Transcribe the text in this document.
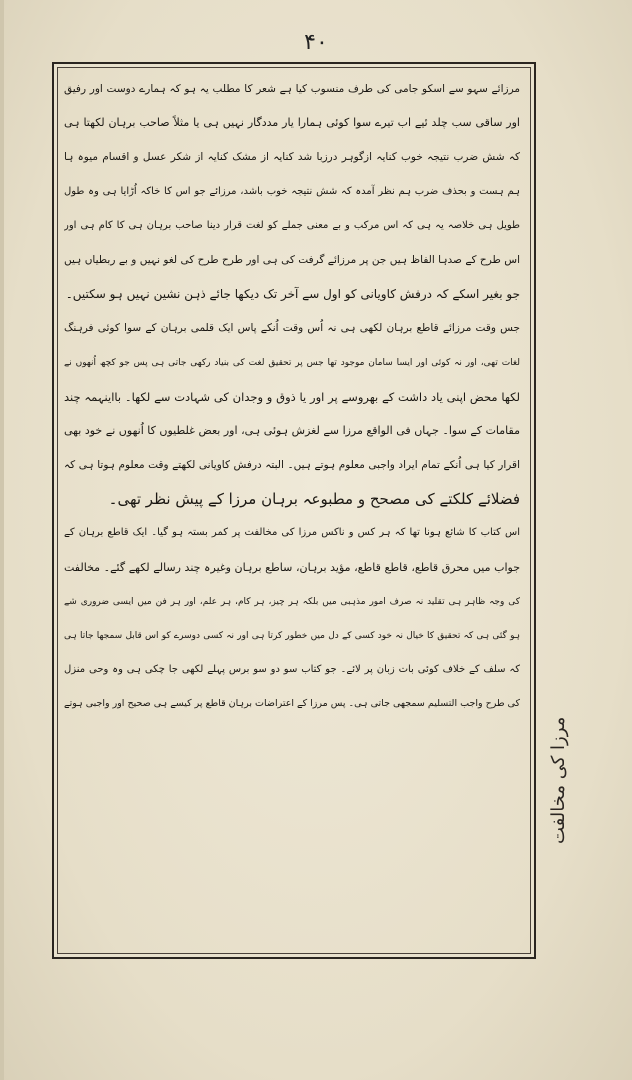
۴۰
مرزائے سہو سے اسکو جامی کی طرف منسوب کیا ہے شعر کا مطلب یہ ہو کہ ہمارے دوست اور رفیق
اور ساقی سب چلد ئیے اب تیرے سوا کوئی ہمارا یار مددگار نہیں ہی یا مثلاً صاحب برہان لکھتا ہی
کہ شش ضرب نتیجہ خوب کنایہ ازگوہر درزبا شد کنایہ از مشک کنایہ از شکر عسل و اقسام میوہ ہا
ہم ہست و بحذف ضرب ہم نظر آمدہ کہ شش نتیجہ خوب باشد، مرزائے جو اس کا خاکہ اُڑایا ہی وہ طول
طویل ہی خلاصہ یہ ہی کہ اس مرکب و بے معنی جملے کو لغت قرار دینا صاحب برہان ہی کا کام ہی اور
اس طرح کے صدہا الفاظ ہیں جن پر مرزائے گرفت کی ہی اور طرح طرح کی لغو نہیں و بے ربطیاں ہیں
جو بغیر اسکے کہ درفش کاویانی کو اول سے آخر تک دیکھا جائے ذہن نشین نہیں ہو سکتیں۔
جس وقت مرزائے قاطع برہان لکھی ہی نہ اُس وقت اُنکے پاس ایک قلمی برہان کے سوا کوئی فرہنگ
لغات تھی، اور نہ کوئی اور ایسا سامان موجود تھا جس پر تحقیق لغت کی بنیاد رکھی جاتی ہی پس جو کچھ اُنھوں نے
لکھا محض اپنی یاد داشت کے بھروسے پر اور یا ذوق و وجدان کی شہادت سے لکھا۔ بااینہمہ چند
مقامات کے سوا۔ جہاں فی الواقع مرزا سے لغزش ہوئی ہی، اور بعض غلطیوں کا اُنھوں نے خود بھی
اقرار کیا ہی اُنکے تمام ایراد واجبی معلوم ہوتے ہیں۔ البتہ درفش کاویانی لکھتے وقت معلوم ہوتا ہی کہ
فضلائے کلکتے کی مصحح و مطبوعہ برہان مرزا کے پیش نظر تھی۔
اس کتاب کا شائع ہونا تھا کہ ہر کس و ناکس مرزا کی مخالفت پر کمر بستہ ہو گیا۔ ایک قاطع برہان کے
جواب میں محرق قاطع، قاطع قاطع، مؤید برہان، ساطع برہان وغیرہ چند رسالے لکھے گئے۔ مخالفت
کی وجہ ظاہر ہی تقلید نہ صرف امور مذہبی میں بلکہ ہر چیز، ہر کام، ہر علم، اور ہر فن میں ایسی ضروری شے
ہو گئی ہی کہ تحقیق کا خیال نہ خود کسی کے دل میں خطور کرتا ہی اور نہ کسی دوسرے کو اس قابل سمجھا جاتا ہی
کہ سلف کے خلاف کوئی بات زبان پر لائے۔ جو کتاب سو دو سو برس پہلے لکھی جا چکی ہی وہ وحی منزل
کی طرح واجب التسلیم سمجھی جاتی ہی۔ پس مرزا کے اعتراضات برہان قاطع پر کیسے ہی صحیح اور واجبی ہوتے
مرزا کی مخالفت
